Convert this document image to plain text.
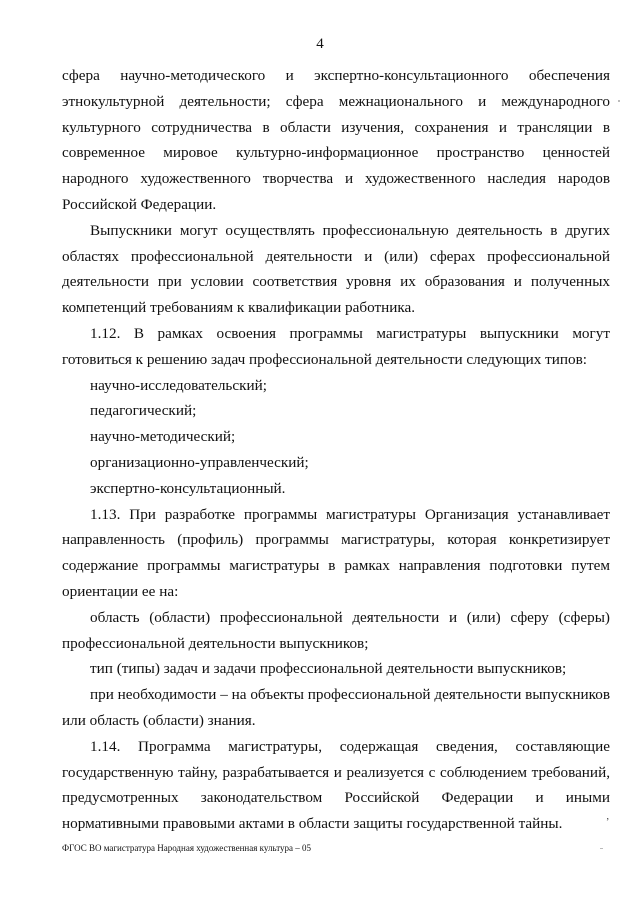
4
сфера научно-методического и экспертно-консультационного обеспечения
этнокультурной деятельности; сфера межнационального и международного
культурного сотрудничества в области изучения, сохранения и трансляции в
современное мировое культурно-информационное пространство ценностей
народного художественного творчества и художественного наследия народов
Российской Федерации.
Выпускники могут осуществлять профессиональную деятельность в других
областях профессиональной деятельности и (или) сферах профессиональной
деятельности при условии соответствия уровня их образования и полученных
компетенций требованиям к квалификации работника.
1.12. В рамках освоения программы магистратуры выпускники могут
готовиться к решению задач профессиональной деятельности следующих типов:
научно-исследовательский;
педагогический;
научно-методический;
организационно-управленческий;
экспертно-консультационный.
1.13. При разработке программы магистратуры Организация устанавливает
направленность (профиль) программы магистратуры, которая конкретизирует
содержание программы магистратуры в рамках направления подготовки путем
ориентации ее на:
область (области) профессиональной деятельности и (или) сферу (сферы)
профессиональной деятельности выпускников;
тип (типы) задач и задачи профессиональной деятельности выпускников;
при необходимости – на объекты профессиональной деятельности выпускников
или область (области) знания.
1.14. Программа магистратуры, содержащая сведения, составляющие
государственную тайну, разрабатывается и реализуется с соблюдением требований,
предусмотренных законодательством Российской Федерации и иными
нормативными правовыми актами в области защиты государственной тайны.	ʼ
ФГОС ВО магистратура Народная художественная культура – 05
